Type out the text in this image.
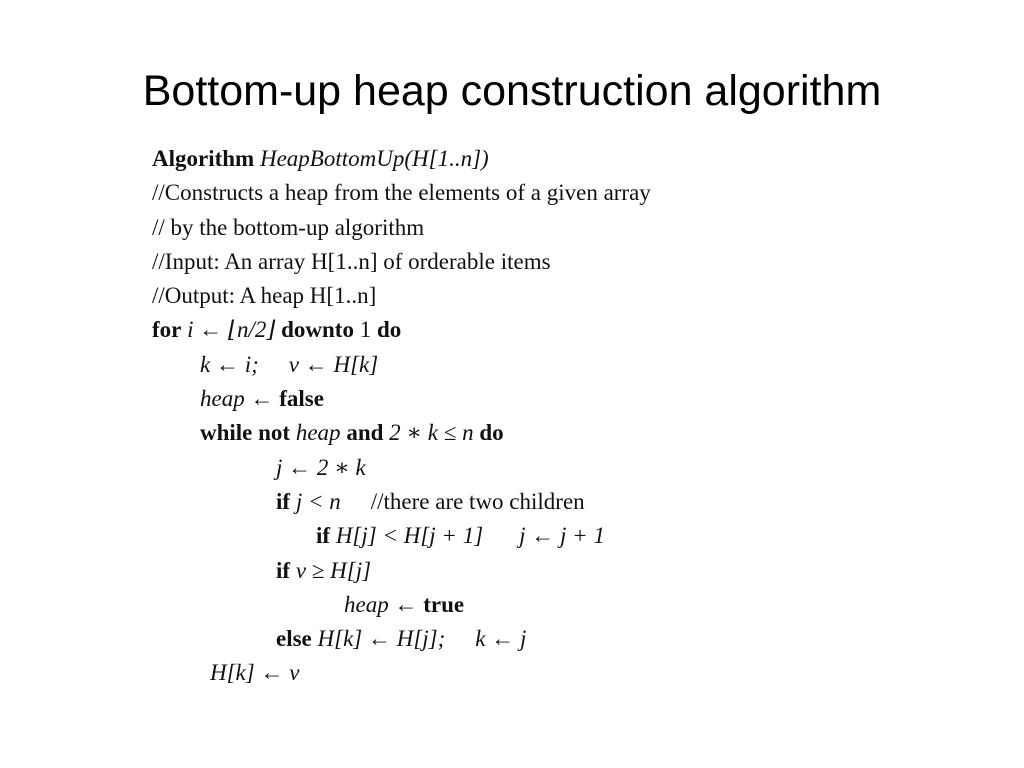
Bottom-up heap construction algorithm
Algorithm HeapBottomUp(H[1..n])
//Constructs a heap from the elements of a given array
// by the bottom-up algorithm
//Input: An array H[1..n] of orderable items
//Output: A heap H[1..n]
for i ← ⌊n/2⌋ downto 1 do
k ← i; v ← H[k]
heap ← false
while not heap and 2 ∗ k ≤ n do
j ← 2 ∗ k
if j < n //there are two children
if H[j] < H[j + 1] j ← j + 1
if v ≥ H[j]
heap ← true
else H[k] ← H[j]; k ← j
H[k] ← v
